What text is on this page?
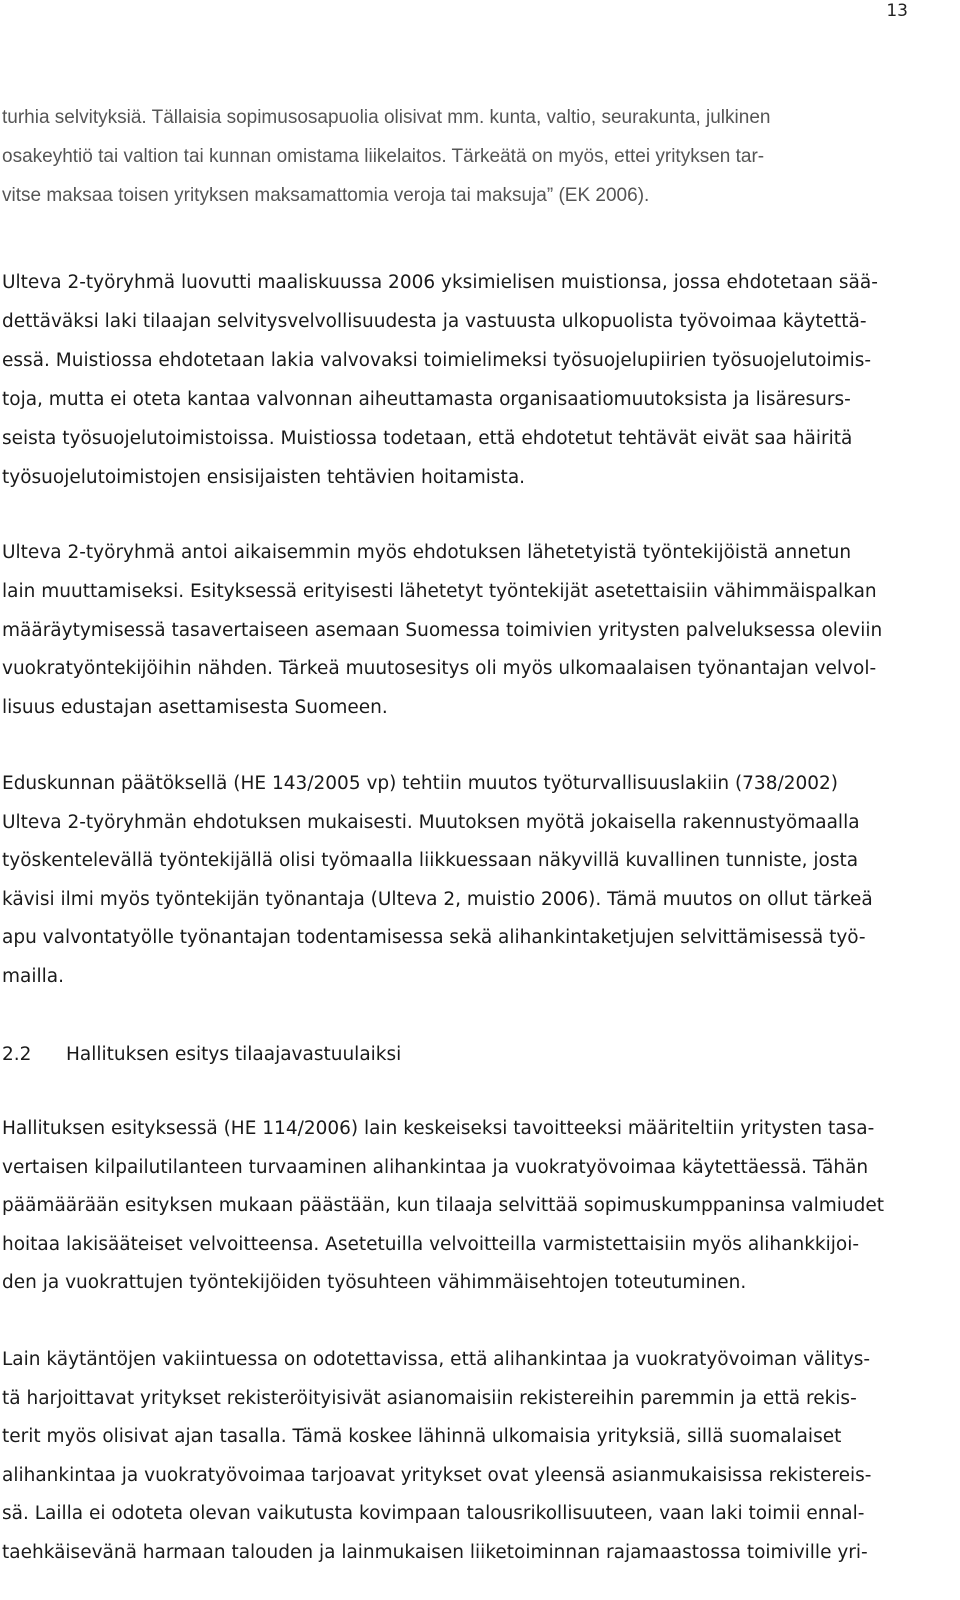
13
turhia selvityksiä. Tällaisia sopimusosapuolia olisivat mm. kunta, valtio, seurakunta, julkinen
osakeyhtiö tai valtion tai kunnan omistama liikelaitos. Tärkeätä on myös, ettei yrityksen tar-
vitse maksaa toisen yrityksen maksamattomia veroja tai maksuja” (EK 2006).
Ulteva 2-työryhmä luovutti maaliskuussa 2006 yksimielisen muistionsa, jossa ehdotetaan sää-
dettäväksi laki tilaajan selvitysvelvollisuudesta ja vastuusta ulkopuolista työvoimaa käytettä-
essä. Muistiossa ehdotetaan lakia valvovaksi toimielimeksi työsuojelupiirien työsuojelutoimis-
toja, mutta ei oteta kantaa valvonnan aiheuttamasta organisaatiomuutoksista ja lisäresurs-
seista työsuojelutoimistoissa. Muistiossa todetaan, että ehdotetut tehtävät eivät saa häiritä
työsuojelutoimistojen ensisijaisten tehtävien hoitamista.
Ulteva 2-työryhmä antoi aikaisemmin myös ehdotuksen lähetetyistä työntekijöistä annetun
lain muuttamiseksi. Esityksessä erityisesti lähetetyt työntekijät asetettaisiin vähimmäispalkan
määräytymisessä tasavertaiseen asemaan Suomessa toimivien yritysten palveluksessa oleviin
vuokratyöntekijöihin nähden. Tärkeä muutosesitys oli myös ulkomaalaisen työnantajan velvol-
lisuus edustajan asettamisesta Suomeen.
Eduskunnan päätöksellä (HE 143/2005 vp) tehtiin muutos työturvallisuuslakiin (738/2002)
Ulteva 2-työryhmän ehdotuksen mukaisesti. Muutoksen myötä jokaisella rakennustyömaalla
työskentelevällä työntekijällä olisi työmaalla liikkuessaan näkyvillä kuvallinen tunniste, josta
kävisi ilmi myös työntekijän työnantaja (Ulteva 2, muistio 2006). Tämä muutos on ollut tärkeä
apu valvontatyölle työnantajan todentamisessa sekä alihankintaketjujen selvittämisessä työ-
mailla.
2.2 Hallituksen esitys tilaajavastuulaiksi
Hallituksen esityksessä (HE 114/2006) lain keskeiseksi tavoitteeksi määriteltiin yritysten tasa-
vertaisen kilpailutilanteen turvaaminen alihankintaa ja vuokratyövoimaa käytettäessä. Tähän
päämäärään esityksen mukaan päästään, kun tilaaja selvittää sopimuskumppaninsa valmiudet
hoitaa lakisääteiset velvoitteensa. Asetetuilla velvoitteilla varmistettaisiin myös alihankkijoi-
den ja vuokrattujen työntekijöiden työsuhteen vähimmäisehtojen toteutuminen.
Lain käytäntöjen vakiintuessa on odotettavissa, että alihankintaa ja vuokratyövoiman välitys-
tä harjoittavat yritykset rekisteröityisivät asianomaisiin rekistereihin paremmin ja että rekis-
terit myös olisivat ajan tasalla. Tämä koskee lähinnä ulkomaisia yrityksiä, sillä suomalaiset
alihankintaa ja vuokratyövoimaa tarjoavat yritykset ovat yleensä asianmukaisissa rekistereis-
sä. Lailla ei odoteta olevan vaikutusta kovimpaan talousrikollisuuteen, vaan laki toimii ennal-
taehkäisevänä harmaan talouden ja lainmukaisen liiketoiminnan rajamaastossa toimiville yri-
